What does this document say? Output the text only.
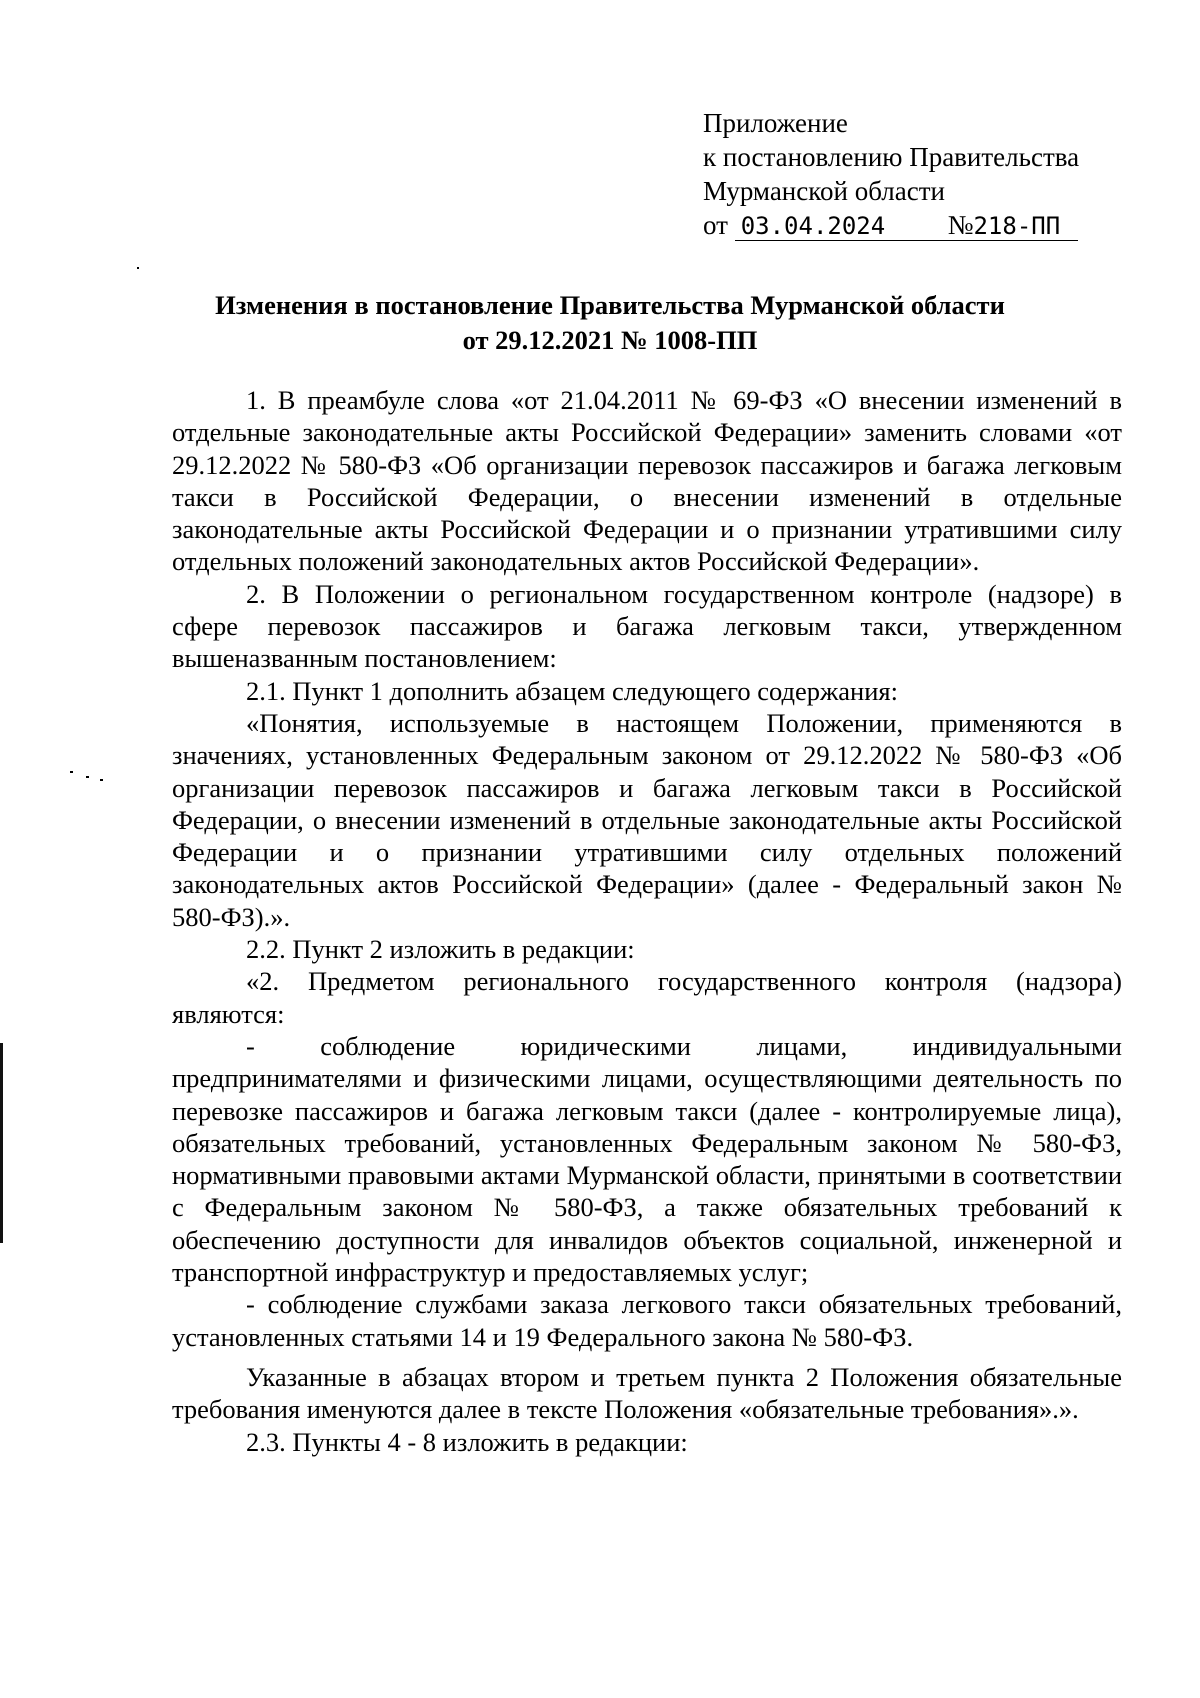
Приложение
к постановлению Правительства
Мурманской области
от 03.04.2024 №218-ПП
Изменения в постановление Правительства Мурманской области
от 29.12.2021 № 1008-ПП

1. В преамбуле слова «от 21.04.2011 № 69-ФЗ «О внесении изменений в отдельные законодательные акты Российской Федерации» заменить словами «от 29.12.2022 № 580-ФЗ «Об организации перевозок пассажиров и багажа легковым такси в Российской Федерации, о внесении изменений в отдельные законодательные акты Российской Федерации и о признании утратившими силу отдельных положений законодательных актов Российской Федерации».

2. В Положении о региональном государственном контроле (надзоре) в сфере перевозок пассажиров и багажа легковым такси, утвержденном вышеназванным постановлением:

2.1. Пункт 1 дополнить абзацем следующего содержания:

«Понятия, используемые в настоящем Положении, применяются в значениях, установленных Федеральным законом от 29.12.2022 № 580-ФЗ «Об организации перевозок пассажиров и багажа легковым такси в Российской Федерации, о внесении изменений в отдельные законодательные акты Российской Федерации и о признании утратившими силу отдельных положений законодательных актов Российской Федерации» (далее - Федеральный закон № 580-ФЗ).».

2.2. Пункт 2 изложить в редакции:

«2. Предметом регионального государственного контроля (надзора) являются:

- соблюдение юридическими лицами, индивидуальными предпринимателями и физическими лицами, осуществляющими деятельность по перевозке пассажиров и багажа легковым такси (далее - контролируемые лица), обязательных требований, установленных Федеральным законом № 580-ФЗ, нормативными правовыми актами Мурманской области, принятыми в соответствии с Федеральным законом № 580-ФЗ, а также обязательных требований к обеспечению доступности для инвалидов объектов социальной, инженерной и транспортной инфраструктур и предоставляемых услуг;

- соблюдение службами заказа легкового такси обязательных требований, установленных статьями 14 и 19 Федерального закона № 580-ФЗ.

Указанные в абзацах втором и третьем пункта 2 Положения обязательные требования именуются далее в тексте Положения «обязательные требования».».

2.3. Пункты 4 - 8 изложить в редакции:
